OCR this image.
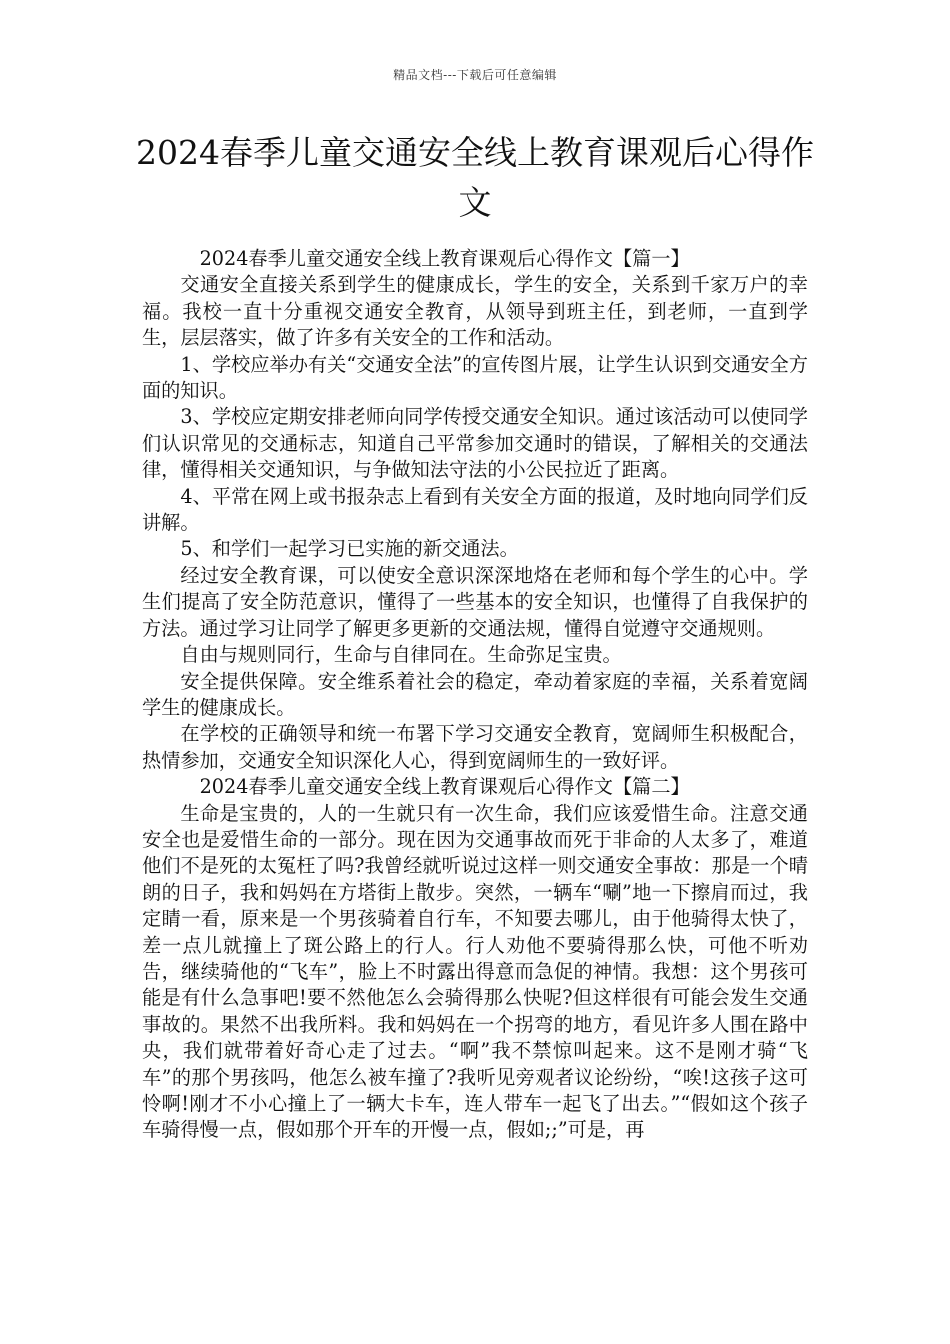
精品文档---下载后可任意编辑
2024春季儿童交通安全线上教育课观后心得作文

2024春季儿童交通安全线上教育课观后心得作文【篇一】

交通安全直接关系到学生的健康成长，学生的安全，关系到千家万户的幸福。我校一直十分重视交通安全教育，从领导到班主任，到老师，一直到学生，层层落实，做了许多有关安全的工作和活动。

1、学校应举办有关“交通安全法”的宣传图片展，让学生认识到交通安全方面的知识。

3、学校应定期安排老师向同学传授交通安全知识。通过该活动可以使同学们认识常见的交通标志，知道自己平常参加交通时的错误，了解相关的交通法律，懂得相关交通知识，与争做知法守法的小公民拉近了距离。

4、平常在网上或书报杂志上看到有关安全方面的报道，及时地向同学们反讲解。

5、和学们一起学习已实施的新交通法。

经过安全教育课，可以使安全意识深深地烙在老师和每个学生的心中。学生们提高了安全防范意识，懂得了一些基本的安全知识，也懂得了自我保护的方法。通过学习让同学了解更多更新的交通法规，懂得自觉遵守交通规则。

自由与规则同行，生命与自律同在。生命弥足宝贵。

安全提供保障。安全维系着社会的稳定，牵动着家庭的幸福，关系着宽阔学生的健康成长。

在学校的正确领导和统一布署下学习交通安全教育，宽阔师生积极配合，热情参加，交通安全知识深化人心，得到宽阔师生的一致好评。

2024春季儿童交通安全线上教育课观后心得作文【篇二】

生命是宝贵的，人的一生就只有一次生命，我们应该爱惜生命。注意交通安全也是爱惜生命的一部分。现在因为交通事故而死于非命的人太多了，难道他们不是死的太冤枉了吗?我曾经就听说过这样一则交通安全事故：那是一个晴朗的日子，我和妈妈在方塔街上散步。突然，一辆车“唰”地一下擦肩而过，我定睛一看，原来是一个男孩骑着自行车，不知要去哪儿，由于他骑得太快了，差一点儿就撞上了斑公路上的行人。行人劝他不要骑得那么快，可他不听劝告，继续骑他的“飞车”，脸上不时露出得意而急促的神情。我想：这个男孩可能是有什么急事吧!要不然他怎么会骑得那么快呢?但这样很有可能会发生交通事故的。果然不出我所料。我和妈妈在一个拐弯的地方，看见许多人围在路中央，我们就带着好奇心走了过去。“啊”我不禁惊叫起来。这不是刚才骑“飞车”的那个男孩吗，他怎么被车撞了?我听见旁观者议论纷纷，“唉!这孩子这可怜啊!刚才不小心撞上了一辆大卡车，连人带车一起飞了出去。”“假如这个孩子车骑得慢一点，假如那个开车的开慢一点，假如;;”可是，再
